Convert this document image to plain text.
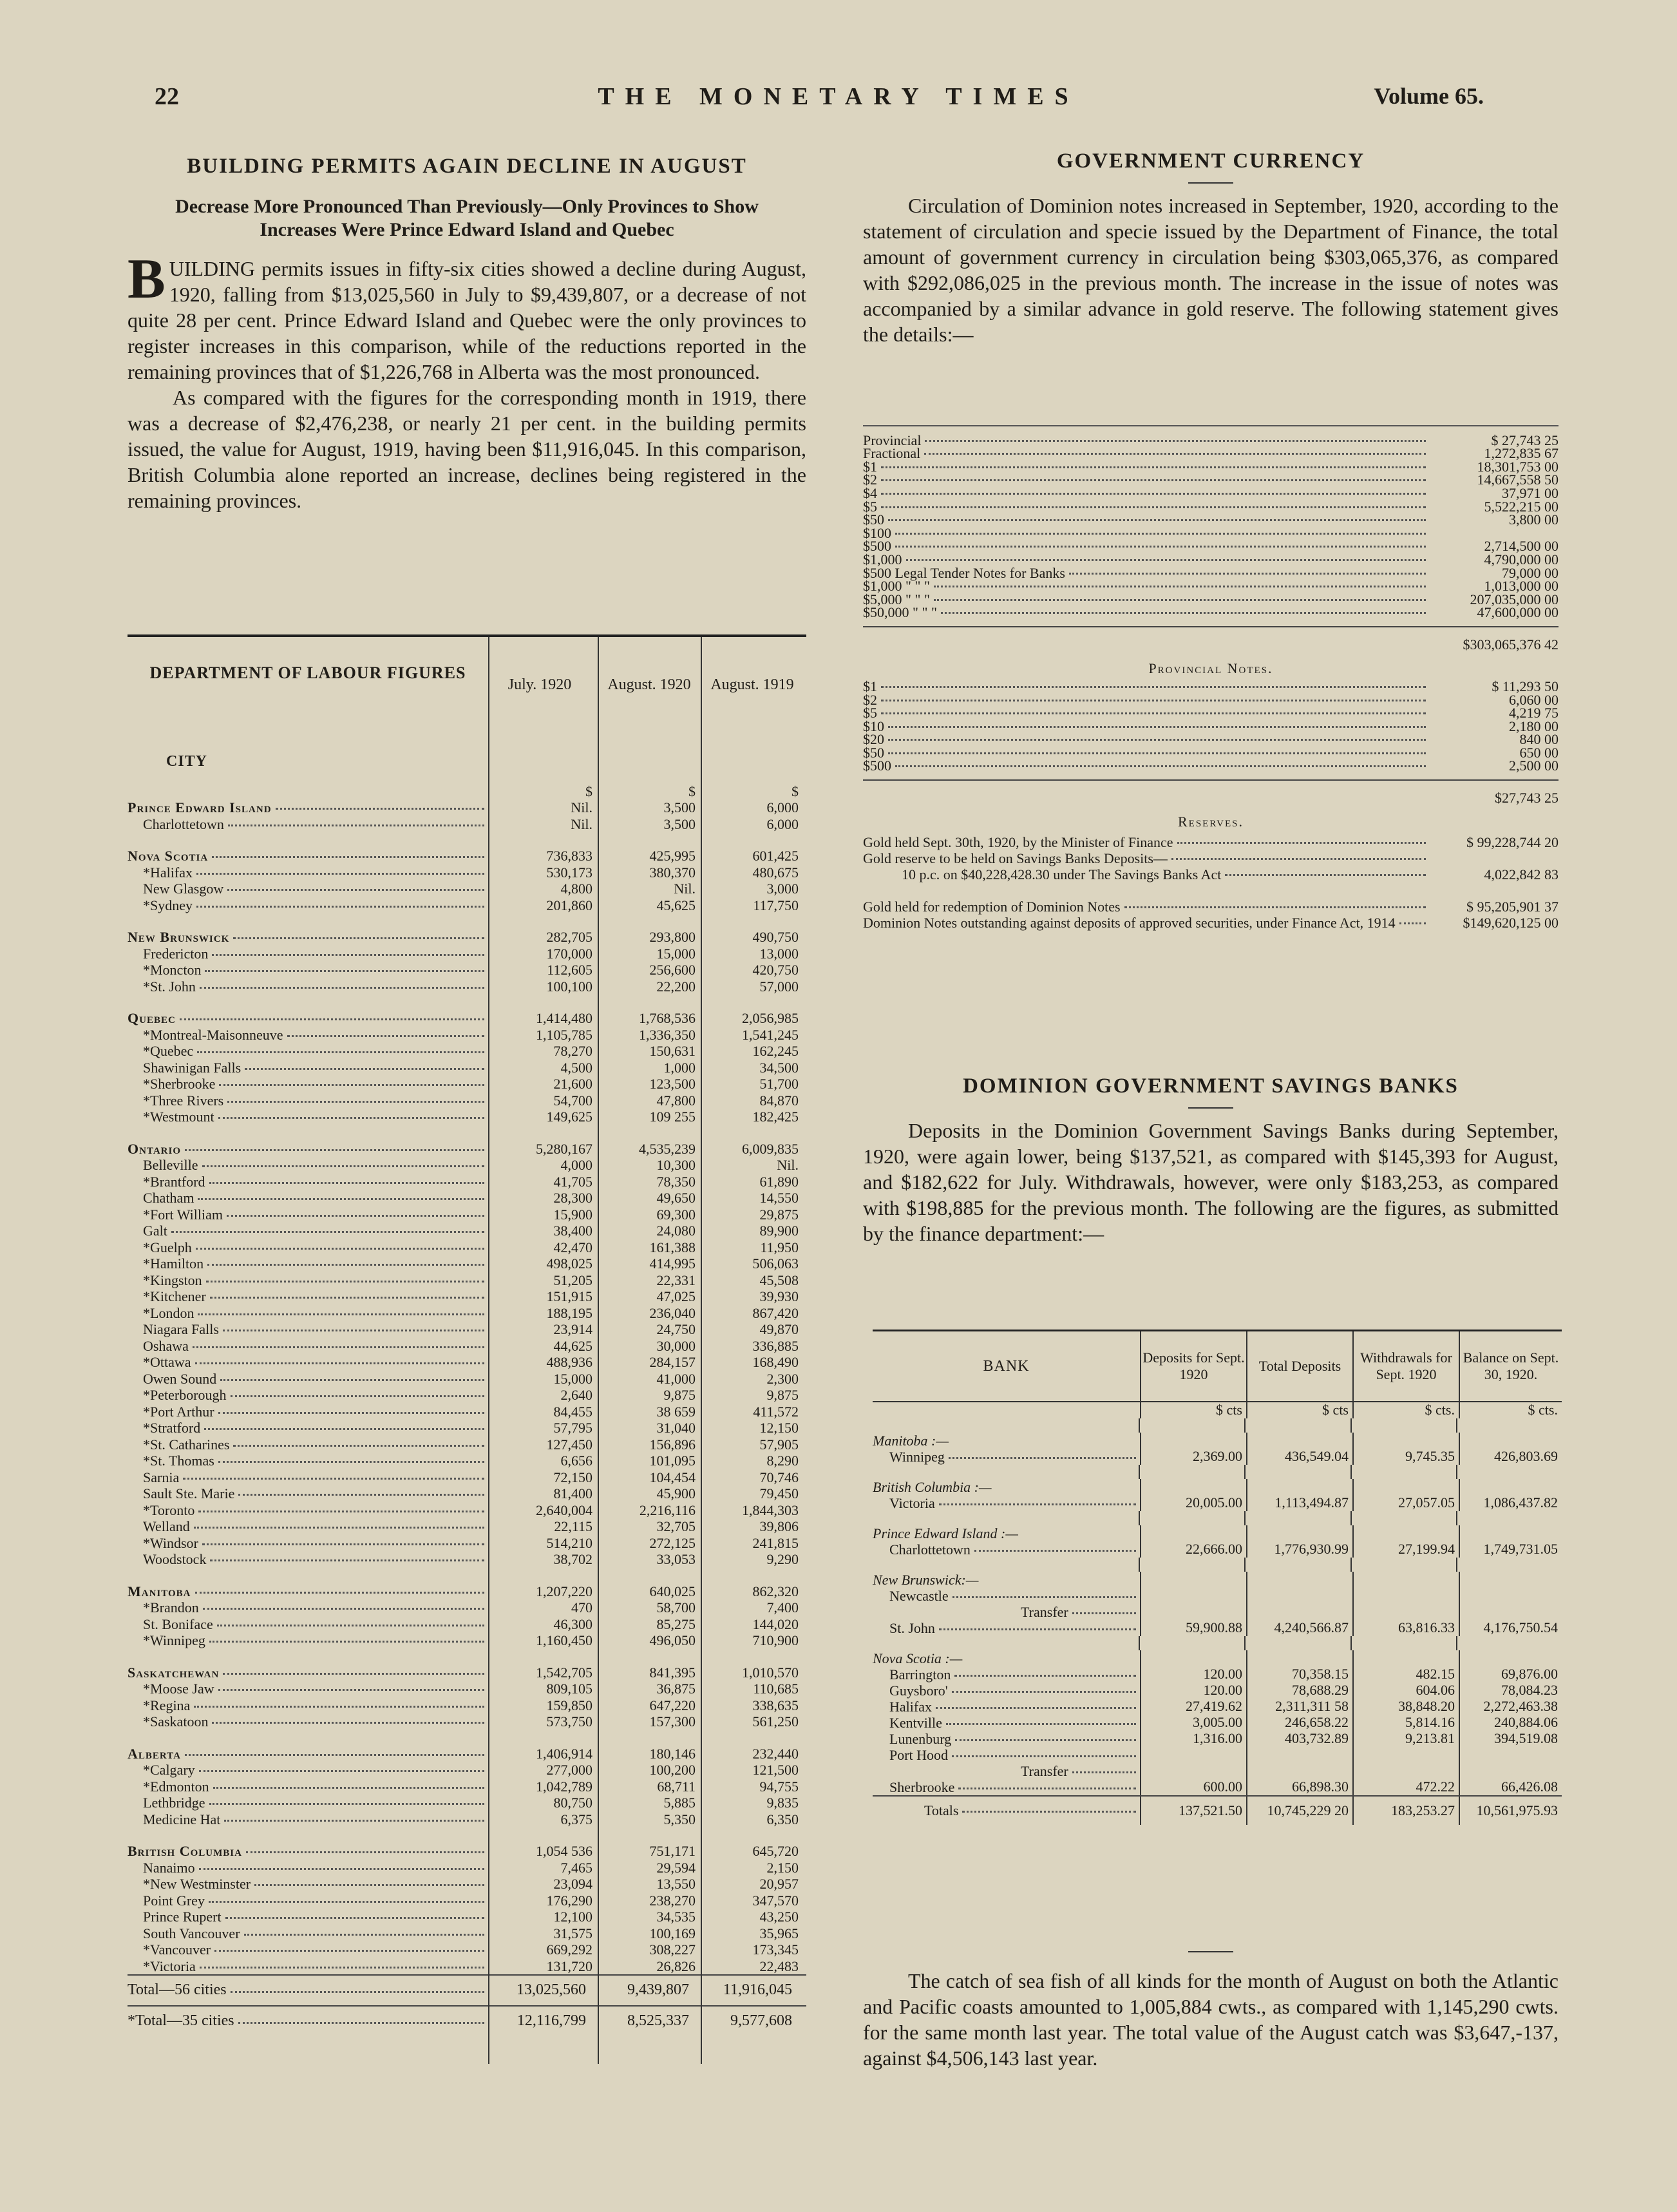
22	THE MONETARY TIMES	Volume 65.
BUILDING PERMITS AGAIN DECLINE IN AUGUST
Decrease More Pronounced Than Previously—Only Provinces to Show Increases Were Prince Edward Island and Quebec

BUILDING permits issues in fifty-six cities showed a decline during August, 1920, falling from $13,025,560 in July to $9,439,807, or a decrease of not quite 28 per cent. Prince Edward Island and Quebec were the only provinces to register increases in this comparison, while of the reductions reported in the remaining provinces that of $1,226,768 in Alberta was the most pronounced.

As compared with the figures for the corresponding month in 1919, there was a decrease of $2,476,238, or nearly 21 per cent. in the building permits issued, the value for August, 1919, having been $11,916,045. In this comparison, British Columbia alone reported an increase, declines being registered in the remaining provinces.

DEPARTMENT OF LABOUR FIGURES
July. 1920	August. 1920	August. 1919
CITY
$	$	$
Prince Edward Island	Nil.	3,500	6,000
Charlottetown	Nil.	3,500	6,000
Nova Scotia	736,833	425,995	601,425
*Halifax	530,173	380,370	480,675
New Glasgow	4,800	Nil.	3,000
*Sydney	201,860	45,625	117,750
New Brunswick	282,705	293,800	490,750
Fredericton	170,000	15,000	13,000
*Moncton	112,605	256,600	420,750
*St. John	100,100	22,200	57,000
Quebec	1,414,480	1,768,536	2,056,985
*Montreal-Maisonneuve	1,105,785	1,336,350	1,541,245
*Quebec	78,270	150,631	162,245
Shawinigan Falls	4,500	1,000	34,500
*Sherbrooke	21,600	123,500	51,700
*Three Rivers	54,700	47,800	84,870
*Westmount	149,625	109 255	182,425
Ontario	5,280,167	4,535,239	6,009,835
Belleville	4,000	10,300	Nil.
*Brantford	41,705	78,350	61,890
Chatham	28,300	49,650	14,550
*Fort William	15,900	69,300	29,875
Galt	38,400	24,080	89,900
*Guelph	42,470	161,388	11,950
*Hamilton	498,025	414,995	506,063
*Kingston	51,205	22,331	45,508
*Kitchener	151,915	47,025	39,930
*London	188,195	236,040	867,420
Niagara Falls	23,914	24,750	49,870
Oshawa	44,625	30,000	336,885
*Ottawa	488,936	284,157	168,490
Owen Sound	15,000	41,000	2,300
*Peterborough	2,640	9,875	9,875
*Port Arthur	84,455	38 659	411,572
*Stratford	57,795	31,040	12,150
*St. Catharines	127,450	156,896	57,905
*St. Thomas	6,656	101,095	8,290
Sarnia	72,150	104,454	70,746
Sault Ste. Marie	81,400	45,900	79,450
*Toronto	2,640,004	2,216,116	1,844,303
Welland	22,115	32,705	39,806
*Windsor	514,210	272,125	241,815
Woodstock	38,702	33,053	9,290
Manitoba	1,207,220	640,025	862,320
*Brandon	470	58,700	7,400
St. Boniface	46,300	85,275	144,020
*Winnipeg	1,160,450	496,050	710,900
Saskatchewan	1,542,705	841,395	1,010,570
*Moose Jaw	809,105	36,875	110,685
*Regina	159,850	647,220	338,635
*Saskatoon	573,750	157,300	561,250
Alberta	1,406,914	180,146	232,440
*Calgary	277,000	100,200	121,500
*Edmonton	1,042,789	68,711	94,755
Lethbridge	80,750	5,885	9,835
Medicine Hat	6,375	5,350	6,350
British Columbia	1,054 536	751,171	645,720
Nanaimo	7,465	29,594	2,150
*New Westminster	23,094	13,550	20,957
Point Grey	176,290	238,270	347,570
Prince Rupert	12,100	34,535	43,250
South Vancouver	31,575	100,169	35,965
*Vancouver	669,292	308,227	173,345
*Victoria	131,720	26,826	22,483
Total—56 cities	13,025,560	9,439,807	11,916,045
*Total—35 cities	12,116,799	8,525,337	9,577,608
GOVERNMENT CURRENCY

Circulation of Dominion notes increased in September, 1920, according to the statement of circulation and specie issued by the Department of Finance, the total amount of government currency in circulation being $303,065,376, as compared with $292,086,025 in the previous month. The increase in the issue of notes was accompanied by a similar advance in gold reserve. The following statement gives the details:—

Provincial	$ 27,743 25
Fractional	1,272,835 67
$1	18,301,753 00
$2	14,667,558 50
$4	37,971 00
$5	5,522,215 00
$50	3,800 00
$100
$500	2,714,500 00
$1,000	4,790,000 00
$500 Legal Tender Notes for Banks	79,000 00
$1,000 " " "	1,013,000 00
$5,000 " " "	207,035,000 00
$50,000 " " "	47,600,000 00
$303,065,376 42
Provincial Notes.
$1	$ 11,293 50
$2	6,060 00
$5	4,219 75
$10	2,180 00
$20	840 00
$50	650 00
$500	2,500 00
$27,743 25
Reserves.
Gold held Sept. 30th, 1920, by the Minister of Finance	$ 99,228,744 20
Gold reserve to be held on Savings Banks Deposits—
10 p.c. on $40,228,428.30 under The Savings Banks Act	4,022,842 83
Gold held for redemption of Dominion Notes	$ 95,205,901 37
Dominion Notes outstanding against deposits of approved securities, under Finance Act, 1914	$149,620,125 00
DOMINION GOVERNMENT SAVINGS BANKS

Deposits in the Dominion Government Savings Banks during September, 1920, were again lower, being $137,521, as compared with $145,393 for August, and $182,622 for July. Withdrawals, however, were only $183,253, as compared with $198,885 for the previous month. The following are the figures, as submitted by the finance department:—

BANK
Deposits for Sept. 1920
Total Deposits
Withdrawals for Sept. 1920
Balance on Sept. 30, 1920.
$ cts	$ cts	$ cts.	$ cts.
Manitoba :—
Winnipeg	2,369.00	436,549.04	9,745.35	426,803.69
British Columbia :—
Victoria	20,005.00	1,113,494.87	27,057.05	1,086,437.82
Prince Edward Island :—
Charlottetown	22,666.00	1,776,930.99	27,199.94	1,749,731.05
New Brunswick:—
Newcastle
Transfer
St. John	59,900.88	4,240,566.87	63,816.33	4,176,750.54
Nova Scotia :—
Barrington	120.00	70,358.15	482.15	69,876.00
Guysboro'	120.00	78,688.29	604.06	78,084.23
Halifax	27,419.62	2,311,311 58	38,848.20	2,272,463.38
Kentville	3,005.00	246,658.22	5,814.16	240,884.06
Lunenburg	1,316.00	403,732.89	9,213.81	394,519.08
Port Hood
Transfer
Sherbrooke	600.00	66,898.30	472.22	66,426.08
Totals	137,521.50	10,745,229 20	183,253.27	10,561,975.93

The catch of sea fish of all kinds for the month of August on both the Atlantic and Pacific coasts amounted to 1,005,884 cwts., as compared with 1,145,290 cwts. for the same month last year. The total value of the August catch was $3,647,-137, against $4,506,143 last year.
